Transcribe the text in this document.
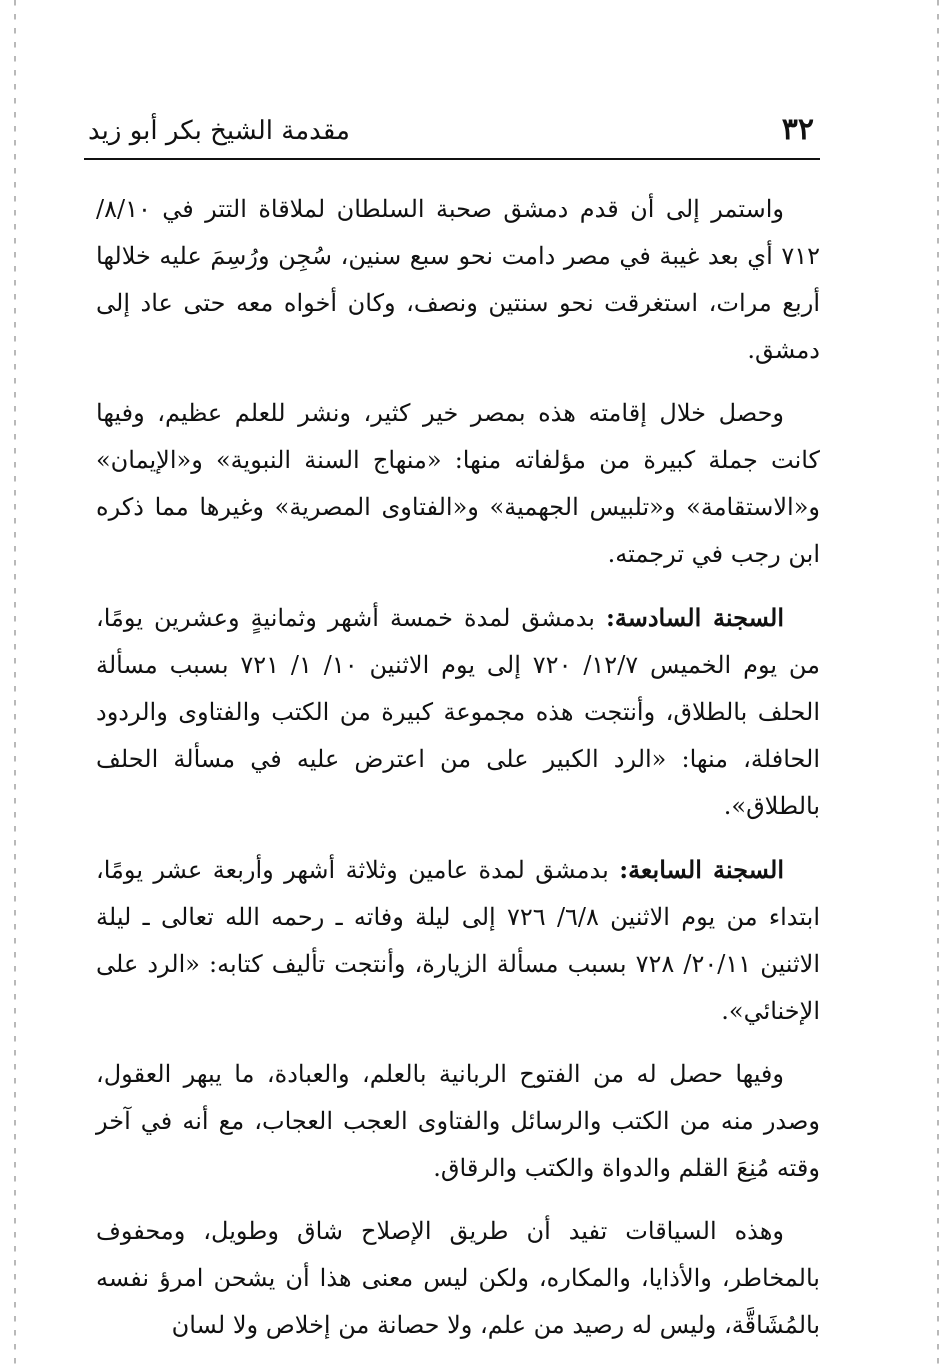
٣٢
مقدمة الشيخ بكر أبو زيد

واستمر إلى أن قدم دمشق صحبة السلطان لملاقاة التتر في ٨/١٠/ ٧١٢ أي بعد غيبة في مصر دامت نحو سبع سنين، سُجِن ورُسِمَ عليه خلالها أربع مرات، استغرقت نحو سنتين ونصف، وكان أخواه معه حتى عاد إلى دمشق.

وحصل خلال إقامته هذه بمصر خير كثير، ونشر للعلم عظيم، وفيها كانت جملة كبيرة من مؤلفاته منها: «منهاج السنة النبوية» و«الإيمان» و«الاستقامة» و«تلبيس الجهمية» و«الفتاوى المصرية» وغيرها مما ذكره ابن رجب في ترجمته.

السجنة السادسة: بدمشق لمدة خمسة أشهر وثمانيةٍ وعشرين يومًا، من يوم الخميس ١٢/٧/ ٧٢٠ إلى يوم الاثنين ١٠/ ١/ ٧٢١ بسبب مسألة الحلف بالطلاق، وأنتجت هذه مجموعة كبيرة من الكتب والفتاوى والردود الحافلة، منها: «الرد الكبير على من اعترض عليه في مسألة الحلف بالطلاق».

السجنة السابعة: بدمشق لمدة عامين وثلاثة أشهر وأربعة عشر يومًا، ابتداء من يوم الاثنين ٦/٨/ ٧٢٦ إلى ليلة وفاته ـ رحمه الله تعالى ـ ليلة الاثنين ٢٠/١١/ ٧٢٨ بسبب مسألة الزيارة، وأنتجت تأليف كتابه: «الرد على الإخنائي».

وفيها حصل له من الفتوح الربانية بالعلم، والعبادة، ما يبهر العقول، وصدر منه من الكتب والرسائل والفتاوى العجب العجاب، مع أنه في آخر وقته مُنِعَ القلم والدواة والكتب والرقاق.

وهذه السياقات تفيد أن طريق الإصلاح شاق وطويل، ومحفوف بالمخاطر، والأذايا، والمكاره، ولكن ليس معنى هذا أن يشحن امرؤ نفسه بالمُشَاقَّة، وليس له رصيد من علم، ولا حصانة من إخلاص ولا لسان
